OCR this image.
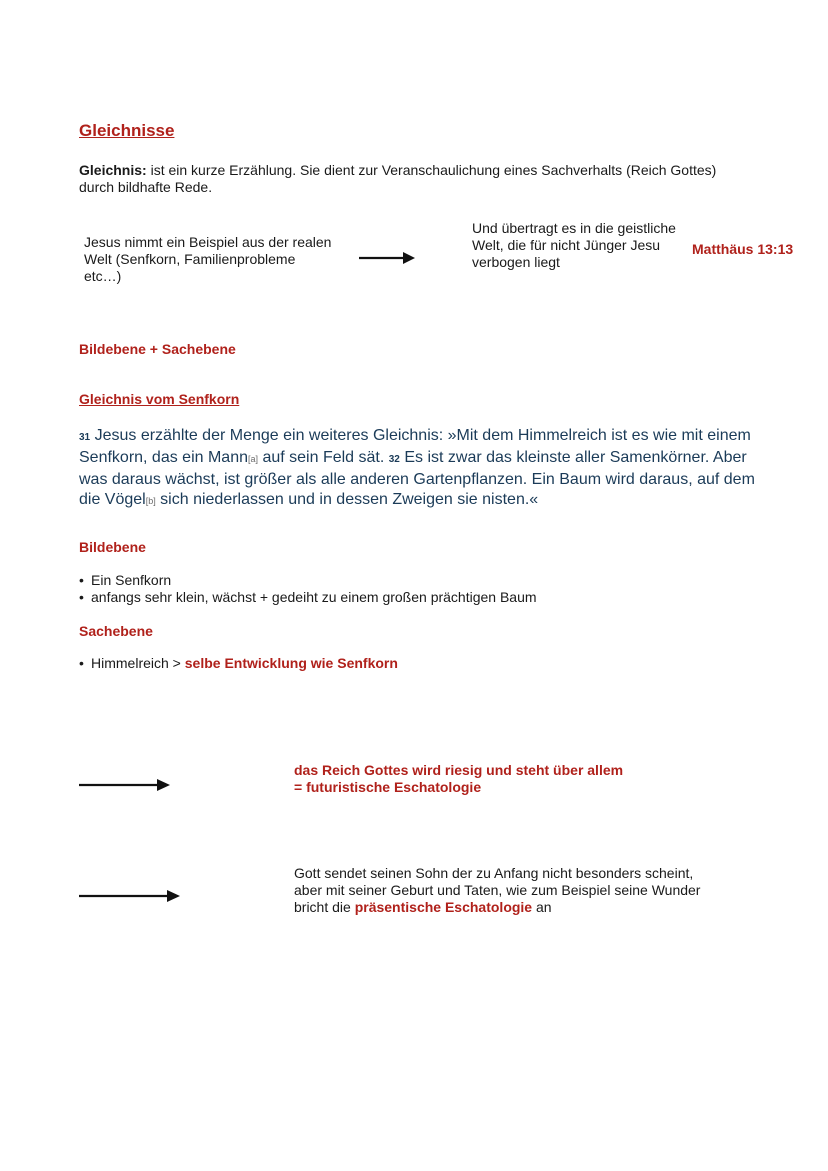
Gleichnisse
Gleichnis: ist ein kurze Erzählung. Sie dient zur Veranschaulichung eines Sachverhalts (Reich Gottes) durch bildhafte Rede.
Jesus nimmt ein Beispiel aus der realen Welt (Senfkorn, Familienprobleme etc…)
Und übertragt es in die geistliche Welt, die für nicht Jünger Jesu verbogen liegt
Matthäus 13:13
Bildebene + Sachebene
Gleichnis vom Senfkorn
31 Jesus erzählte der Menge ein weiteres Gleichnis: »Mit dem Himmelreich ist es wie mit einem Senfkorn, das ein Mann[a] auf sein Feld sät. 32 Es ist zwar das kleinste aller Samenkörner. Aber was daraus wächst, ist größer als alle anderen Gartenpflanzen. Ein Baum wird daraus, auf dem die Vögel[b] sich niederlassen und in dessen Zweigen sie nisten.«
Bildebene
• Ein Senfkorn
• anfangs sehr klein, wächst + gedeiht zu einem großen prächtigen Baum
Sachebene
• Himmelreich > selbe Entwicklung wie Senfkorn
das Reich Gottes wird riesig und steht über allem
= futuristische Eschatologie
Gott sendet seinen Sohn der zu Anfang nicht besonders scheint, aber mit seiner Geburt und Taten, wie zum Beispiel seine Wunder bricht die präsentische Eschatologie an
